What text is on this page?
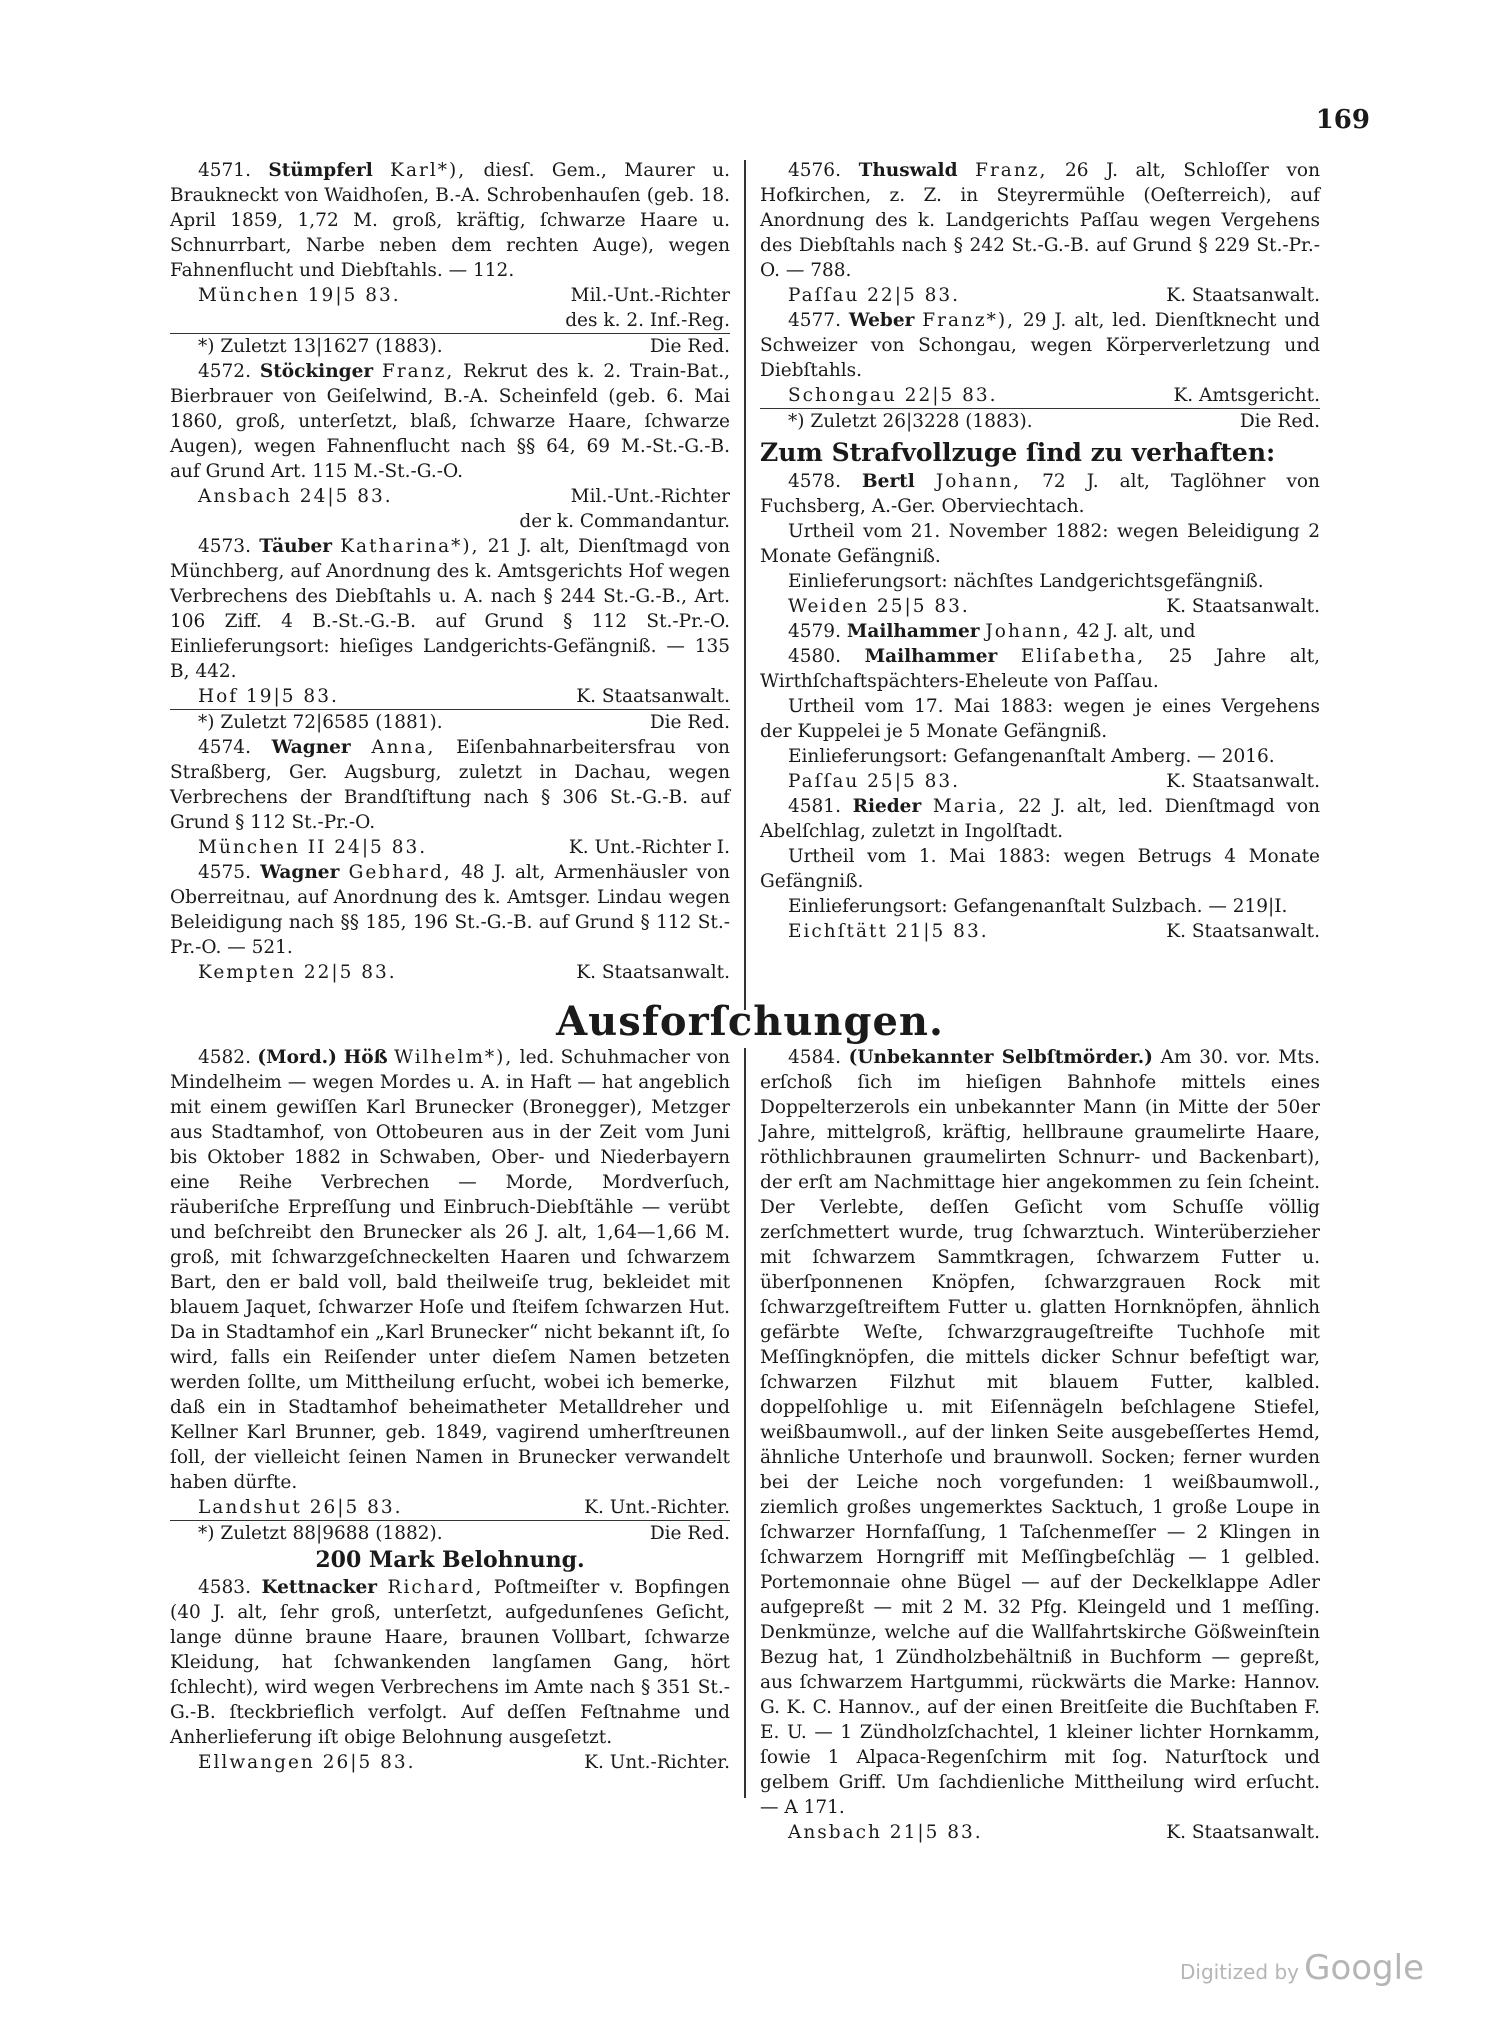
169

4571. Stümpferl Karl*), diesſ. Gem., Maurer u. Braukneckt von Waidhoſen, B.-A. Schrobenhauſen (geb. 18. April 1859, 1,72 M. groß, kräftig, ſchwarze Haare u. Schnurrbart, Narbe neben dem rechten Auge), wegen Fahnenflucht und Diebſtahls. — 112.

München 19|5 83.	Mil.-Unt.-Richter
des k. 2. Inf.-Reg.
*) Zuletzt 13|1627 (1883).	Die Red.

4572. Stöckinger Franz, Rekrut des k. 2. Train-Bat., Bierbrauer von Geiſelwind, B.-A. Scheinfeld (geb. 6. Mai 1860, groß, unterſetzt, blaß, ſchwarze Haare, ſchwarze Augen), wegen Fahnenflucht nach §§ 64, 69 M.-St.-G.-B. auf Grund Art. 115 M.-St.-G.-O.

Ansbach 24|5 83.	Mil.-Unt.-Richter
der k. Commandantur.

4573. Täuber Katharina*), 21 J. alt, Dienſtmagd von Münchberg, auf Anordnung des k. Amtsgerichts Hof wegen Verbrechens des Diebſtahls u. A. nach § 244 St.-G.-B., Art. 106 Ziff. 4 B.-St.-G.-B. auf Grund § 112 St.-Pr.-O. Einlieferungsort: hieſiges Landgerichts-Gefängniß. — 135 B, 442.

Hof 19|5 83.	K. Staatsanwalt.
*) Zuletzt 72|6585 (1881).	Die Red.

4574. Wagner Anna, Eiſenbahnarbeitersfrau von Straßberg, Ger. Augsburg, zuletzt in Dachau, wegen Verbrechens der Brandſtiftung nach § 306 St.-G.-B. auf Grund § 112 St.-Pr.-O.

München II 24|5 83.	K. Unt.-Richter I.

4575. Wagner Gebhard, 48 J. alt, Armenhäusler von Oberreitnau, auf Anordnung des k. Amtsger. Lindau wegen Beleidigung nach §§ 185, 196 St.-G.-B. auf Grund § 112 St.-Pr.-O. — 521.

Kempten 22|5 83.	K. Staatsanwalt.

4576. Thuswald Franz, 26 J. alt, Schloſſer von Hofkirchen, z. Z. in Steyrermühle (Oeſterreich), auf Anordnung des k. Landgerichts Paſſau wegen Vergehens des Diebſtahls nach § 242 St.-G.-B. auf Grund § 229 St.-Pr.-O. — 788.

Paſſau 22|5 83.	K. Staatsanwalt.

4577. Weber Franz*), 29 J. alt, led. Dienſtknecht und Schweizer von Schongau, wegen Körperverletzung und Diebſtahls.

Schongau 22|5 83.	K. Amtsgericht.
*) Zuletzt 26|3228 (1883).	Die Red.
Zum Strafvollzuge ſind zu verhaften:

4578. Bertl Johann, 72 J. alt, Taglöhner von Fuchsberg, A.-Ger. Oberviechtach.

Urtheil vom 21. November 1882: wegen Beleidigung 2 Monate Gefängniß.

Einlieferungsort: nächſtes Landgerichtsgefängniß.

Weiden 25|5 83.	K. Staatsanwalt.

4579. Mailhammer Johann, 42 J. alt, und

4580. Mailhammer Eliſabetha, 25 Jahre alt, Wirthſchaftspächters-Eheleute von Paſſau.

Urtheil vom 17. Mai 1883: wegen je eines Vergehens der Kuppelei je 5 Monate Gefängniß.

Einlieferungsort: Gefangenanſtalt Amberg. — 2016.

Paſſau 25|5 83.	K. Staatsanwalt.

4581. Rieder Maria, 22 J. alt, led. Dienſtmagd von Abelſchlag, zuletzt in Ingolſtadt.

Urtheil vom 1. Mai 1883: wegen Betrugs 4 Monate Gefängniß.

Einlieferungsort: Gefangenanſtalt Sulzbach. — 219|I.

Eichſtätt 21|5 83.	K. Staatsanwalt.
Ausforſchungen.

4582. (Mord.) Höß Wilhelm*), led. Schuhmacher von Mindelheim — wegen Mordes u. A. in Haft — hat angeblich mit einem gewiſſen Karl Brunecker (Bronegger), Metzger aus Stadtamhof, von Ottobeuren aus in der Zeit vom Juni bis Oktober 1882 in Schwaben, Ober- und Niederbayern eine Reihe Verbrechen — Morde, Mordverſuch, räuberiſche Erpreſſung und Einbruch-Diebſtähle — verübt und beſchreibt den Brunecker als 26 J. alt, 1,64—1,66 M. groß, mit ſchwarzgeſchneckelten Haaren und ſchwarzem Bart, den er bald voll, bald theilweiſe trug, bekleidet mit blauem Jaquet, ſchwarzer Hoſe und ſteifem ſchwarzen Hut. Da in Stadtamhof ein „Karl Brunecker“ nicht bekannt iſt, ſo wird, falls ein Reiſender unter dieſem Namen betzeten werden ſollte, um Mittheilung erſucht, wobei ich bemerke, daß ein in Stadtamhof beheimatheter Metalldreher und Kellner Karl Brunner, geb. 1849, vagirend umherſtreunen ſoll, der vielleicht ſeinen Namen in Brunecker verwandelt haben dürfte.

Landshut 26|5 83.	K. Unt.-Richter.
*) Zuletzt 88|9688 (1882).	Die Red.
200 Mark Belohnung.

4583. Kettnacker Richard, Poſtmeiſter v. Bopfingen (40 J. alt, ſehr groß, unterſetzt, aufgedunſenes Geſicht, lange dünne braune Haare, braunen Vollbart, ſchwarze Kleidung, hat ſchwankenden langſamen Gang, hört ſchlecht), wird wegen Verbrechens im Amte nach § 351 St.-G.-B. ſteckbrieflich verfolgt. Auf deſſen Feſtnahme und Anherlieferung iſt obige Belohnung ausgeſetzt.

Ellwangen 26|5 83.	K. Unt.-Richter.

4584. (Unbekannter Selbſtmörder.) Am 30. vor. Mts. erſchoß ſich im hieſigen Bahnhofe mittels eines Doppelterzerols ein unbekannter Mann (in Mitte der 50er Jahre, mittelgroß, kräftig, hellbraune graumelirte Haare, röthlichbraunen graumelirten Schnurr- und Backenbart), der erſt am Nachmittage hier angekommen zu ſein ſcheint. Der Verlebte, deſſen Geſicht vom Schuſſe völlig zerſchmettert wurde, trug ſchwarztuch. Winterüberzieher mit ſchwarzem Sammtkragen, ſchwarzem Futter u. überſponnenen Knöpfen, ſchwarzgrauen Rock mit ſchwarzgeſtreiftem Futter u. glatten Hornknöpfen, ähnlich gefärbte Weſte, ſchwarzgraugeſtreifte Tuchhoſe mit Meſſingknöpfen, die mittels dicker Schnur befeſtigt war, ſchwarzen Filzhut mit blauem Futter, kalbled. doppelſohlige u. mit Eiſennägeln beſchlagene Stiefel, weißbaumwoll., auf der linken Seite ausgebeſſertes Hemd, ähnliche Unterhoſe und braunwoll. Socken; ferner wurden bei der Leiche noch vorgefunden: 1 weißbaumwoll., ziemlich großes ungemerktes Sacktuch, 1 große Loupe in ſchwarzer Hornfaſſung, 1 Taſchenmeſſer — 2 Klingen in ſchwarzem Horngriff mit Meſſingbeſchläg — 1 gelbled. Portemonnaie ohne Bügel — auf der Deckelklappe Adler aufgepreßt — mit 2 M. 32 Pfg. Kleingeld und 1 meſſing. Denkmünze, welche auf die Wallfahrtskirche Gößweinſtein Bezug hat, 1 Zündholzbehältniß in Buchform — gepreßt, aus ſchwarzem Hartgummi, rückwärts die Marke: Hannov. G. K. C. Hannov., auf der einen Breitſeite die Buchſtaben F. E. U. — 1 Zündholzſchachtel, 1 kleiner lichter Hornkamm, ſowie 1 Alpaca-Regenſchirm mit ſog. Naturſtock und gelbem Griff. Um ſachdienliche Mittheilung wird erſucht. — A 171.

Ansbach 21|5 83.	K. Staatsanwalt.
Digitized by Google
